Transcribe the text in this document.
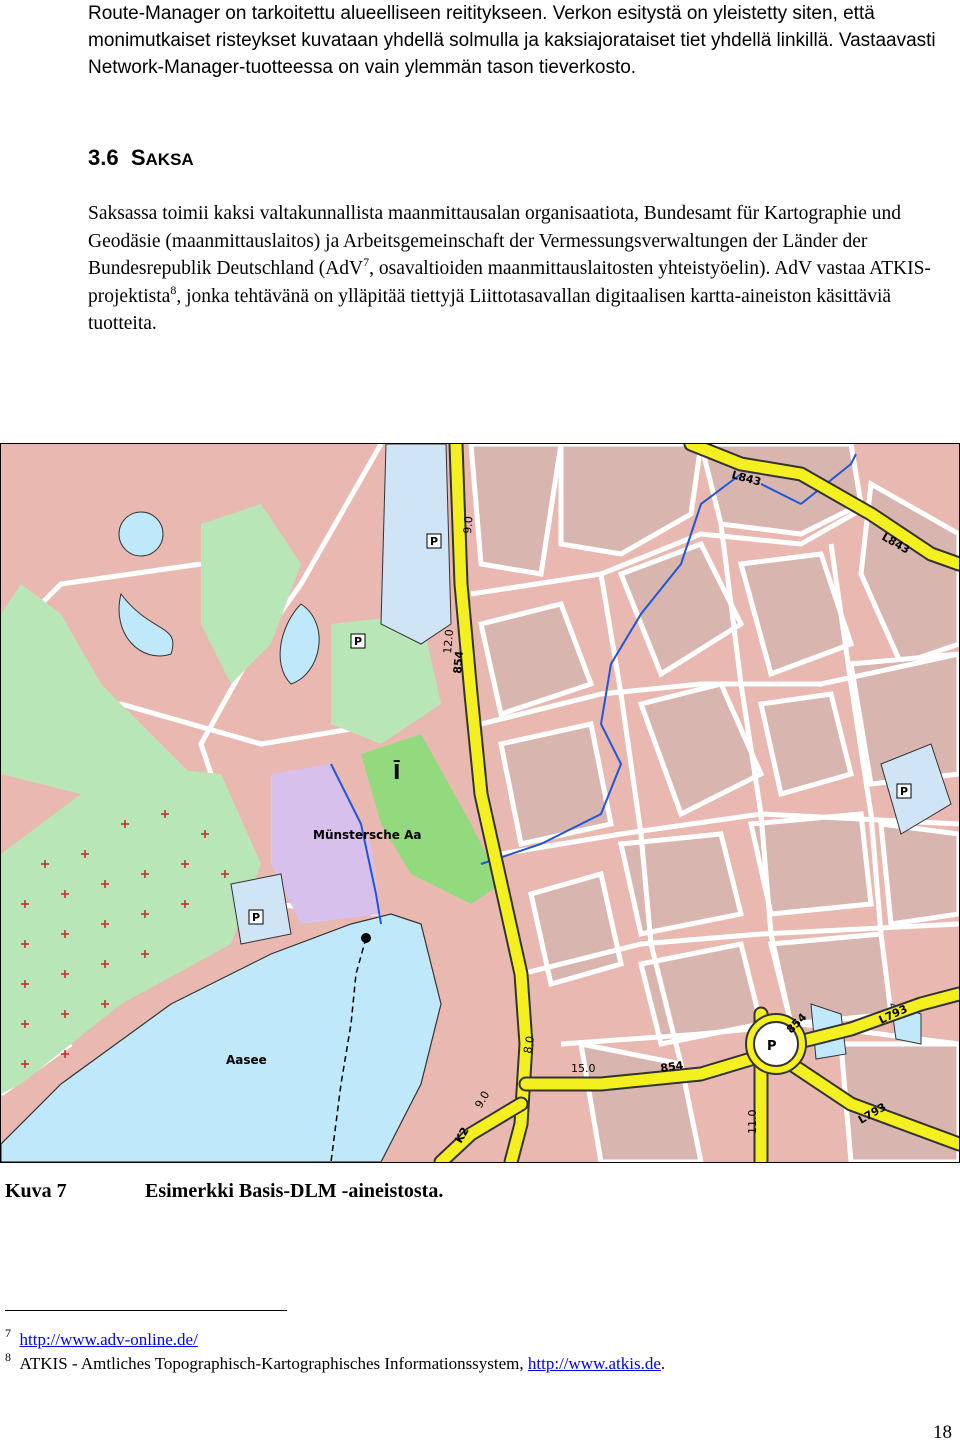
Route-Manager on tarkoitettu alueelliseen reititykseen. Verkon esitystä on yleistetty siten, että monimutkaiset risteykset kuvataan yhdellä solmulla ja kaksiajorataiset tiet yhdellä linkillä. Vastaavasti Network-Manager-tuotteessa on vain ylemmän tason tieverkosto.

3.6 SAKSA

Saksassa toimii kaksi valtakunnallista maanmittausalan organisaatiota, Bundesamt für Kartographie und Geodäsie (maanmittauslaitos) ja Arbeitsgemeinschaft der Vermessungsverwaltungen der Länder der Bundesrepublik Deutschland (AdV$^7$, osavaltioiden maanmittauslaitosten yhteistyöelin). AdV vastaa ATKIS-projektista$^8$, jonka tehtävänä on ylläpitää tiettyjä Liittotasavallan digitaalisen kartta-aineiston käsittäviä tuotteita.

Münstersche Aa
Aasee
P
L843
L843
854
854
854	L793
L793
K2
9.0
12.0
15.0
11.0
9.0
8.0
P
P
P
P
Ī

Kuva 7	Esimerkki Basis-DLM -aineistosta.

$^7$ http://www.adv-online.de/
$^8$ ATKIS - Amtliches Topographisch-Kartographisches Informationssystem, http://www.atkis.de.
18
